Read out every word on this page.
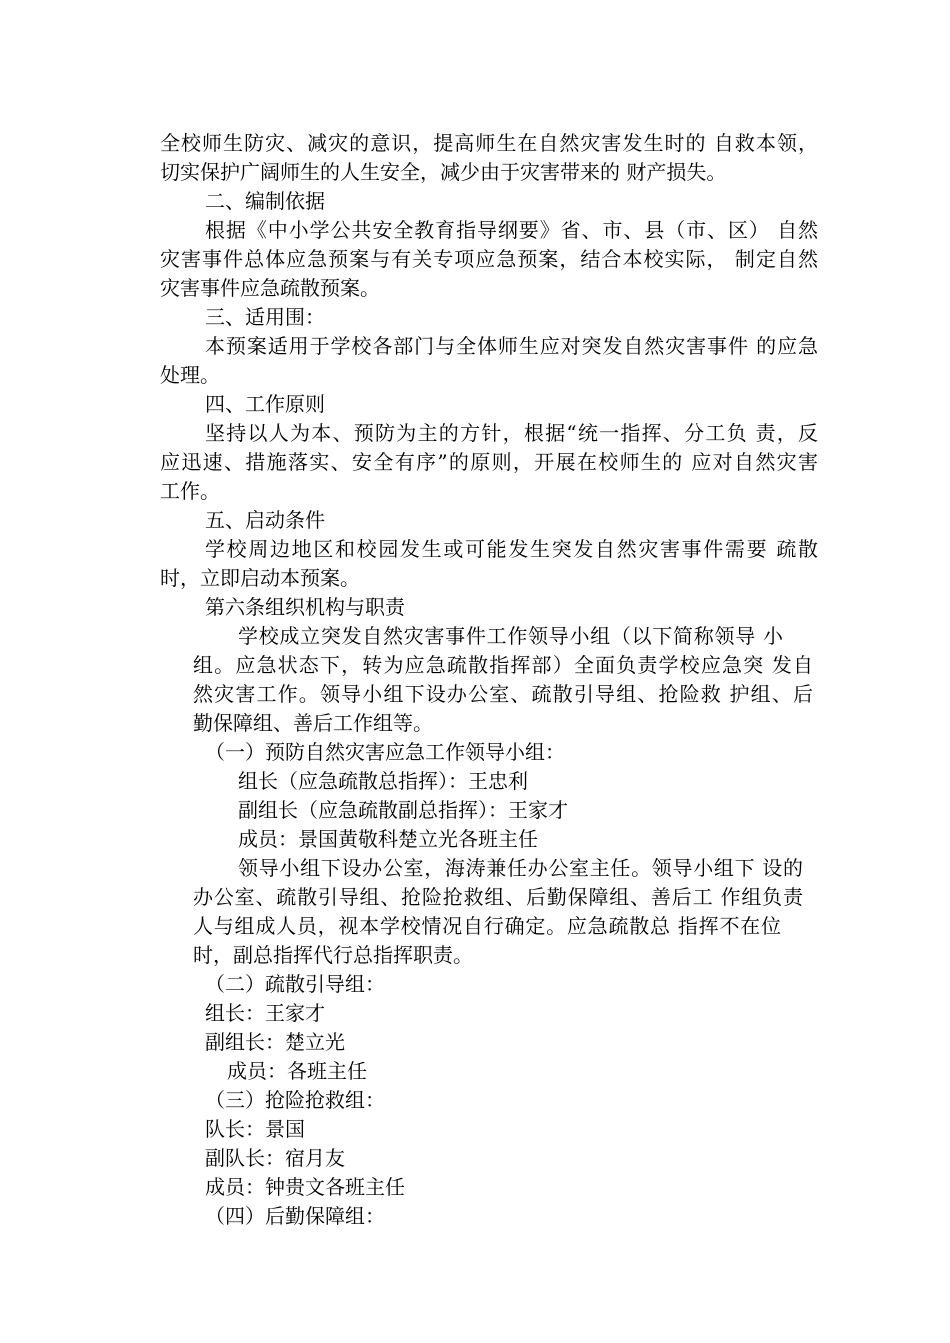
全校师生防灾、减灾的意识，提高师生在自然灾害发生时的 自救本领，

切实保护广阔师生的人生安全，减少由于灾害带来的 财产损失。

二、编制依据

根据《中小学公共安全教育指导纲要》省、市、县（市、区） 自然

灾害事件总体应急预案与有关专项应急预案，结合本校实际， 制定自然

灾害事件应急疏散预案。

三、适用围：

本预案适用于学校各部门与全体师生应对突发自然灾害事件 的应急

处理。

四、工作原则

坚持以人为本、预防为主的方针，根据“统一指挥、分工负 责，反

应迅速、措施落实、安全有序”的原则，开展在校师生的 应对自然灾害

工作。

五、启动条件

学校周边地区和校园发生或可能发生突发自然灾害事件需要 疏散

时，立即启动本预案。

第六条组织机构与职责

学校成立突发自然灾害事件工作领导小组（以下简称领导 小

组。应急状态下，转为应急疏散指挥部）全面负责学校应急突 发自

然灾害工作。领导小组下设办公室、疏散引导组、抢险救 护组、后

勤保障组、善后工作组等。

（一）预防自然灾害应急工作领导小组：

组长（应急疏散总指挥）：王忠利

副组长（应急疏散副总指挥）：王家才

成员：景国黄敬科楚立光各班主任

领导小组下设办公室，海涛兼任办公室主任。领导小组下 设的

办公室、疏散引导组、抢险抢救组、后勤保障组、善后工 作组负责

人与组成人员，视本学校情况自行确定。应急疏散总 指挥不在位

时，副总指挥代行总指挥职责。

（二）疏散引导组：

组长：王家才

副组长：楚立光

成员：各班主任

（三）抢险抢救组：

队长：景国

副队长：宿月友

成员：钟贵文各班主任

（四）后勤保障组：
